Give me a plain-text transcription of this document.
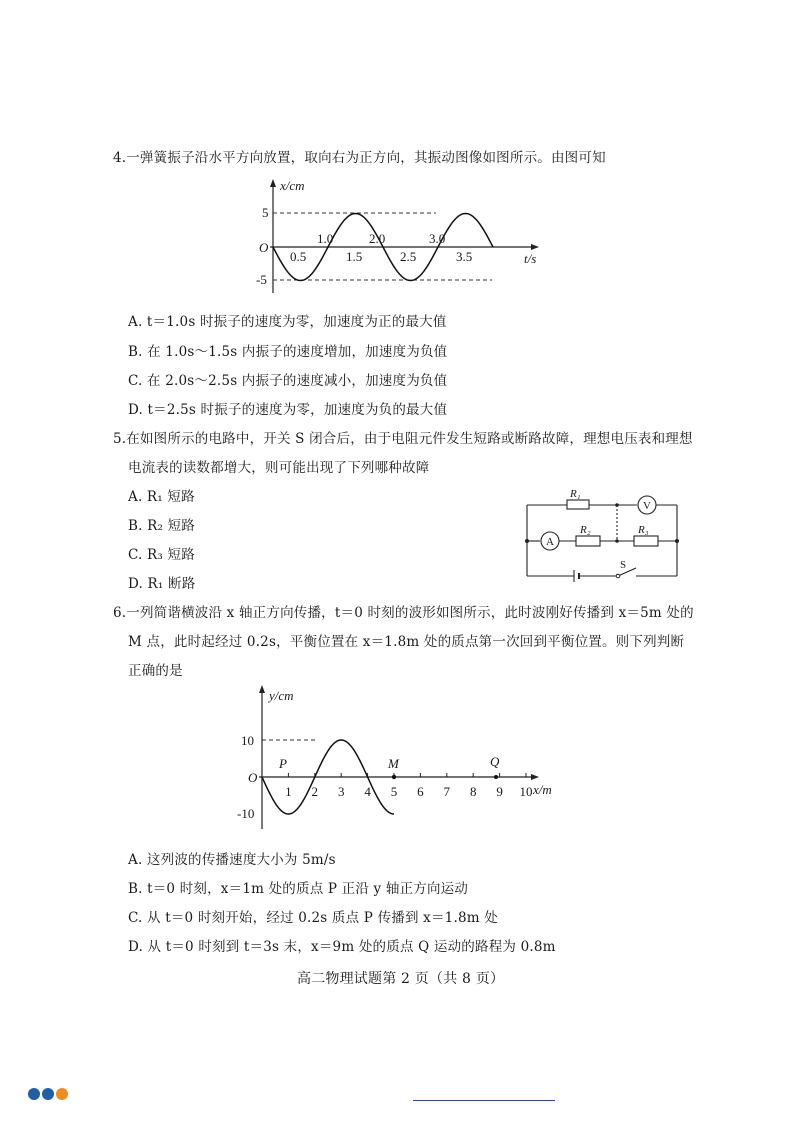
4.一弹簧振子沿水平方向放置，取向右为正方向，其振动图像如图所示。由图可知
x/cm
t/s
O
5
-5
1.0	2.0	3.0
0.5	1.5	2.5	3.5
A. t＝1.0s 时振子的速度为零，加速度为正的最大值
B. 在 1.0s～1.5s 内振子的速度增加，加速度为负值
C. 在 2.0s～2.5s 内振子的速度减小，加速度为负值
D. t＝2.5s 时振子的速度为零，加速度为负的最大值
5.在如图所示的电路中，开关 S 闭合后，由于电阻元件发生短路或断路故障，理想电压表和理想
电流表的读数都增大，则可能出现了下列哪种故障
A. R₁ 短路
B. R₂ 短路
C. R₃ 短路
D. R₁ 断路
R₁
R₂	R₃
V
A
S
6.一列简谐横波沿 x 轴正方向传播，t＝0 时刻的波形如图所示，此时波刚好传播到 x＝5m 处的
M 点，此时起经过 0.2s，平衡位置在 x＝1.8m 处的质点第一次回到平衡位置。则下列判断
正确的是
y/cm
x/m
O
10
-10
P	M	Q
1 2 3 4 5 6 7 8 9 10
A. 这列波的传播速度大小为 5m/s
B. t＝0 时刻，x＝1m 处的质点 P 正沿 y 轴正方向运动
C. 从 t＝0 时刻开始，经过 0.2s 质点 P 传播到 x＝1.8m 处
D. 从 t＝0 时刻到 t＝3s 末，x＝9m 处的质点 Q 运动的路程为 0.8m
高二物理试题第 2 页（共 8 页）
